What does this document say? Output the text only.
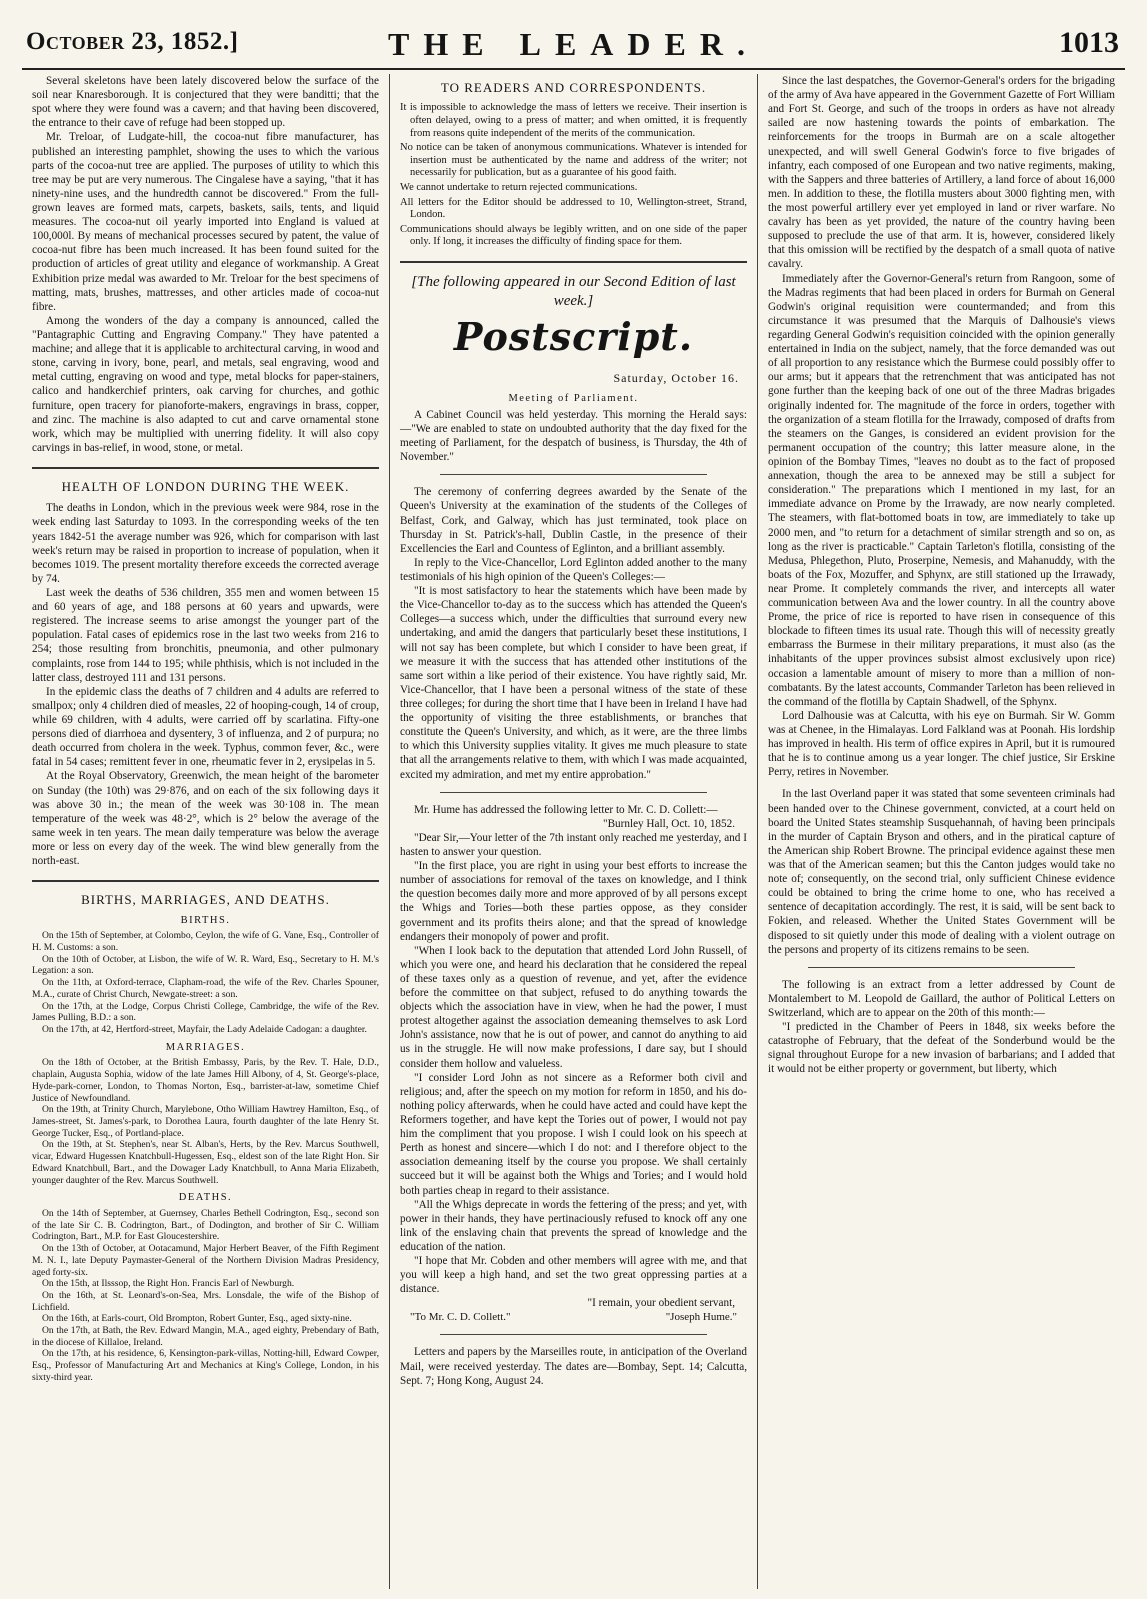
October 23, 1852.]	THE LEADER.	1013

Several skeletons have been lately discovered below the surface of the soil near Knaresborough. It is conjectured that they were banditti; that the spot where they were found was a cavern; and that having been discovered, the entrance to their cave of refuge had been stopped up.

Mr. Treloar, of Ludgate-hill, the cocoa-nut fibre manufacturer, has published an interesting pamphlet, showing the uses to which the various parts of the cocoa-nut tree are applied. The purposes of utility to which this tree may be put are very numerous. The Cingalese have a saying, "that it has ninety-nine uses, and the hundredth cannot be discovered." From the full-grown leaves are formed mats, carpets, baskets, sails, tents, and liquid measures. The cocoa-nut oil yearly imported into England is valued at 100,000l. By means of mechanical processes secured by patent, the value of cocoa-nut fibre has been much increased. It has been found suited for the production of articles of great utility and elegance of workmanship. A Great Exhibition prize medal was awarded to Mr. Treloar for the best specimens of matting, mats, brushes, mattresses, and other articles made of cocoa-nut fibre.

Among the wonders of the day a company is announced, called the "Pantagraphic Cutting and Engraving Company." They have patented a machine; and allege that it is applicable to architectural carving, in wood and stone, carving in ivory, bone, pearl, and metals, seal engraving, wood and metal cutting, engraving on wood and type, metal blocks for paper-stainers, calico and handkerchief printers, oak carving for churches, and gothic furniture, open tracery for pianoforte-makers, engravings in brass, copper, and zinc. The machine is also adapted to cut and carve ornamental stone work, which may be multiplied with unerring fidelity. It will also copy carvings in bas-relief, in wood, stone, or metal.

HEALTH OF LONDON DURING THE WEEK.

The deaths in London, which in the previous week were 984, rose in the week ending last Saturday to 1093. In the corresponding weeks of the ten years 1842-51 the average number was 926, which for comparison with last week's return may be raised in proportion to increase of population, when it becomes 1019. The present mortality therefore exceeds the corrected average by 74.

Last week the deaths of 536 children, 355 men and women between 15 and 60 years of age, and 188 persons at 60 years and upwards, were registered. The increase seems to arise amongst the younger part of the population. Fatal cases of epidemics rose in the last two weeks from 216 to 254; those resulting from bronchitis, pneumonia, and other pulmonary complaints, rose from 144 to 195; while phthisis, which is not included in the latter class, destroyed 111 and 131 persons.

In the epidemic class the deaths of 7 children and 4 adults are referred to smallpox; only 4 children died of measles, 22 of hooping-cough, 14 of croup, while 69 children, with 4 adults, were carried off by scarlatina. Fifty-one persons died of diarrhoea and dysentery, 3 of influenza, and 2 of purpura; no death occurred from cholera in the week. Typhus, common fever, &c., were fatal in 54 cases; remittent fever in one, rheumatic fever in 2, erysipelas in 5.

At the Royal Observatory, Greenwich, the mean height of the barometer on Sunday (the 10th) was 29·876, and on each of the six following days it was above 30 in.; the mean of the week was 30·108 in. The mean temperature of the week was 48·2°, which is 2° below the average of the same week in ten years. The mean daily temperature was below the average more or less on every day of the week. The wind blew generally from the north-east.

BIRTHS, MARRIAGES, AND DEATHS.
BIRTHS.

On the 15th of September, at Colombo, Ceylon, the wife of G. Vane, Esq., Controller of H. M. Customs: a son.

On the 10th of October, at Lisbon, the wife of W. R. Ward, Esq., Secretary to H. M.'s Legation: a son.

On the 11th, at Oxford-terrace, Clapham-road, the wife of the Rev. Charles Spouner, M.A., curate of Christ Church, Newgate-street: a son.

On the 17th, at the Lodge, Corpus Christi College, Cambridge, the wife of the Rev. James Pulling, B.D.: a son.

On the 17th, at 42, Hertford-street, Mayfair, the Lady Adelaide Cadogan: a daughter.

MARRIAGES.

On the 18th of October, at the British Embassy, Paris, by the Rev. T. Hale, D.D., chaplain, Augusta Sophia, widow of the late James Hill Albony, of 4, St. George's-place, Hyde-park-corner, London, to Thomas Norton, Esq., barrister-at-law, sometime Chief Justice of Newfoundland.

On the 19th, at Trinity Church, Marylebone, Otho William Hawtrey Hamilton, Esq., of James-street, St. James's-park, to Dorothea Laura, fourth daughter of the late Henry St. George Tucker, Esq., of Portland-place.

On the 19th, at St. Stephen's, near St. Alban's, Herts, by the Rev. Marcus Southwell, vicar, Edward Hugessen Knatchbull-Hugessen, Esq., eldest son of the late Right Hon. Sir Edward Knatchbull, Bart., and the Dowager Lady Knatchbull, to Anna Maria Elizabeth, younger daughter of the Rev. Marcus Southwell.

DEATHS.

On the 14th of September, at Guernsey, Charles Bethell Codrington, Esq., second son of the late Sir C. B. Codrington, Bart., of Dodington, and brother of Sir C. William Codrington, Bart., M.P. for East Gloucestershire.

On the 13th of October, at Ootacamund, Major Herbert Beaver, of the Fifth Regiment M. N. I., late Deputy Paymaster-General of the Northern Division Madras Presidency, aged forty-six.

On the 15th, at Ilsssop, the Right Hon. Francis Earl of Newburgh.

On the 16th, at St. Leonard's-on-Sea, Mrs. Lonsdale, the wife of the Bishop of Lichfield.

On the 16th, at Earls-court, Old Brompton, Robert Gunter, Esq., aged sixty-nine.

On the 17th, at Bath, the Rev. Edward Mangin, M.A., aged eighty, Prebendary of Bath, in the diocese of Killaloe, Ireland.

On the 17th, at his residence, 6, Kensington-park-villas, Notting-hill, Edward Cowper, Esq., Professor of Manufacturing Art and Mechanics at King's College, London, in his sixty-third year.

TO READERS AND CORRESPONDENTS.
It is impossible to acknowledge the mass of letters we receive. Their insertion is often delayed, owing to a press of matter; and when omitted, it is frequently from reasons quite independent of the merits of the communication.
No notice can be taken of anonymous communications. Whatever is intended for insertion must be authenticated by the name and address of the writer; not necessarily for publication, but as a guarantee of his good faith.
We cannot undertake to return rejected communications.
All letters for the Editor should be addressed to 10, Wellington-street, Strand, London.
Communications should always be legibly written, and on one side of the paper only. If long, it increases the difficulty of finding space for them.
[The following appeared in our Second Edition of last week.]
Postscript.
Saturday, October 16.
Meeting of Parliament.

A Cabinet Council was held yesterday. This morning the Herald says:—"We are enabled to state on undoubted authority that the day fixed for the meeting of Parliament, for the despatch of business, is Thursday, the 4th of November."

The ceremony of conferring degrees awarded by the Senate of the Queen's University at the examination of the students of the Colleges of Belfast, Cork, and Galway, which has just terminated, took place on Thursday in St. Patrick's-hall, Dublin Castle, in the presence of their Excellencies the Earl and Countess of Eglinton, and a brilliant assembly.

In reply to the Vice-Chancellor, Lord Eglinton added another to the many testimonials of his high opinion of the Queen's Colleges:—

"It is most satisfactory to hear the statements which have been made by the Vice-Chancellor to-day as to the success which has attended the Queen's Colleges—a success which, under the difficulties that surround every new undertaking, and amid the dangers that particularly beset these institutions, I will not say has been complete, but which I consider to have been great, if we measure it with the success that has attended other institutions of the same sort within a like period of their existence. You have rightly said, Mr. Vice-Chancellor, that I have been a personal witness of the state of these three colleges; for during the short time that I have been in Ireland I have had the opportunity of visiting the three establishments, or branches that constitute the Queen's University, and which, as it were, are the three limbs to which this University supplies vitality. It gives me much pleasure to state that all the arrangements relative to them, with which I was made acquainted, excited my admiration, and met my entire approbation."

Mr. Hume has addressed the following letter to Mr. C. D. Collett:—

"Burnley Hall, Oct. 10, 1852.

"Dear Sir,—Your letter of the 7th instant only reached me yesterday, and I hasten to answer your question.

"In the first place, you are right in using your best efforts to increase the number of associations for removal of the taxes on knowledge, and I think the question becomes daily more and more approved of by all persons except the Whigs and Tories—both these parties oppose, as they consider government and its profits theirs alone; and that the spread of knowledge endangers their monopoly of power and profit.

"When I look back to the deputation that attended Lord John Russell, of which you were one, and heard his declaration that he considered the repeal of these taxes only as a question of revenue, and yet, after the evidence before the committee on that subject, refused to do anything towards the objects which the association have in view, when he had the power, I must protest altogether against the association demeaning themselves to ask Lord John's assistance, now that he is out of power, and cannot do anything to aid us in the struggle. He will now make professions, I dare say, but I should consider them hollow and valueless.

"I consider Lord John as not sincere as a Reformer both civil and religious; and, after the speech on my motion for reform in 1850, and his do-nothing policy afterwards, when he could have acted and could have kept the Reformers together, and have kept the Tories out of power, I would not pay him the compliment that you propose. I wish I could look on his speech at Perth as honest and sincere—which I do not: and I therefore object to the association demeaning itself by the course you propose. We shall certainly succeed but it will be against both the Whigs and Tories; and I would hold both parties cheap in regard to their assistance.

"All the Whigs deprecate in words the fettering of the press; and yet, with power in their hands, they have pertinaciously refused to knock off any one link of the enslaving chain that prevents the spread of knowledge and the education of the nation.

"I hope that Mr. Cobden and other members will agree with me, and that you will keep a high hand, and set the two great oppressing parties at a distance.

"I remain, your obedient servant,
"To Mr. C. D. Collett."	"Joseph Hume."

Letters and papers by the Marseilles route, in anticipation of the Overland Mail, were received yesterday. The dates are—Bombay, Sept. 14; Calcutta, Sept. 7; Hong Kong, August 24.

Since the last despatches, the Governor-General's orders for the brigading of the army of Ava have appeared in the Government Gazette of Fort William and Fort St. George, and such of the troops in orders as have not already sailed are now hastening towards the points of embarkation. The reinforcements for the troops in Burmah are on a scale altogether unexpected, and will swell General Godwin's force to five brigades of infantry, each composed of one European and two native regiments, making, with the Sappers and three batteries of Artillery, a land force of about 16,000 men. In addition to these, the flotilla musters about 3000 fighting men, with the most powerful artillery ever yet employed in land or river warfare. No cavalry has been as yet provided, the nature of the country having been supposed to preclude the use of that arm. It is, however, considered likely that this omission will be rectified by the despatch of a small quota of native cavalry.

Immediately after the Governor-General's return from Rangoon, some of the Madras regiments that had been placed in orders for Burmah on General Godwin's original requisition were countermanded; and from this circumstance it was presumed that the Marquis of Dalhousie's views regarding General Godwin's requisition coincided with the opinion generally entertained in India on the subject, namely, that the force demanded was out of all proportion to any resistance which the Burmese could possibly offer to our arms; but it appears that the retrenchment that was anticipated has not gone further than the keeping back of one out of the three Madras brigades originally indented for. The magnitude of the force in orders, together with the organization of a steam flotilla for the Irrawady, composed of drafts from the steamers on the Ganges, is considered an evident provision for the permanent occupation of the country; this latter measure alone, in the opinion of the Bombay Times, "leaves no doubt as to the fact of proposed annexation, though the area to be annexed may be still a subject for consideration." The preparations which I mentioned in my last, for an immediate advance on Prome by the Irrawady, are now nearly completed. The steamers, with flat-bottomed boats in tow, are immediately to take up 2000 men, and "to return for a detachment of similar strength and so on, as long as the river is practicable." Captain Tarleton's flotilla, consisting of the Medusa, Phlegethon, Pluto, Proserpine, Nemesis, and Mahanuddy, with the boats of the Fox, Mozuffer, and Sphynx, are still stationed up the Irrawady, near Prome. It completely commands the river, and intercepts all water communication between Ava and the lower country. In all the country above Prome, the price of rice is reported to have risen in consequence of this blockade to fifteen times its usual rate. Though this will of necessity greatly embarrass the Burmese in their military preparations, it must also (as the inhabitants of the upper provinces subsist almost exclusively upon rice) occasion a lamentable amount of misery to more than a million of non-combatants. By the latest accounts, Commander Tarleton has been relieved in the command of the flotilla by Captain Shadwell, of the Sphynx.

Lord Dalhousie was at Calcutta, with his eye on Burmah. Sir W. Gomm was at Chenee, in the Himalayas. Lord Falkland was at Poonah. His lordship has improved in health. His term of office expires in April, but it is rumoured that he is to continue among us a year longer. The chief justice, Sir Erskine Perry, retires in November.

In the last Overland paper it was stated that some seventeen criminals had been handed over to the Chinese government, convicted, at a court held on board the United States steamship Susquehannah, of having been principals in the murder of Captain Bryson and others, and in the piratical capture of the American ship Robert Browne. The principal evidence against these men was that of the American seamen; but this the Canton judges would take no note of; consequently, on the second trial, only sufficient Chinese evidence could be obtained to bring the crime home to one, who has received a sentence of decapitation accordingly. The rest, it is said, will be sent back to Fokien, and released. Whether the United States Government will be disposed to sit quietly under this mode of dealing with a violent outrage on the persons and property of its citizens remains to be seen.

The following is an extract from a letter addressed by Count de Montalembert to M. Leopold de Gaillard, the author of Political Letters on Switzerland, which are to appear on the 20th of this month:—

"I predicted in the Chamber of Peers in 1848, six weeks before the catastrophe of February, that the defeat of the Sonderbund would be the signal throughout Europe for a new invasion of barbarians; and I added that it would not be either property or government, but liberty, which
